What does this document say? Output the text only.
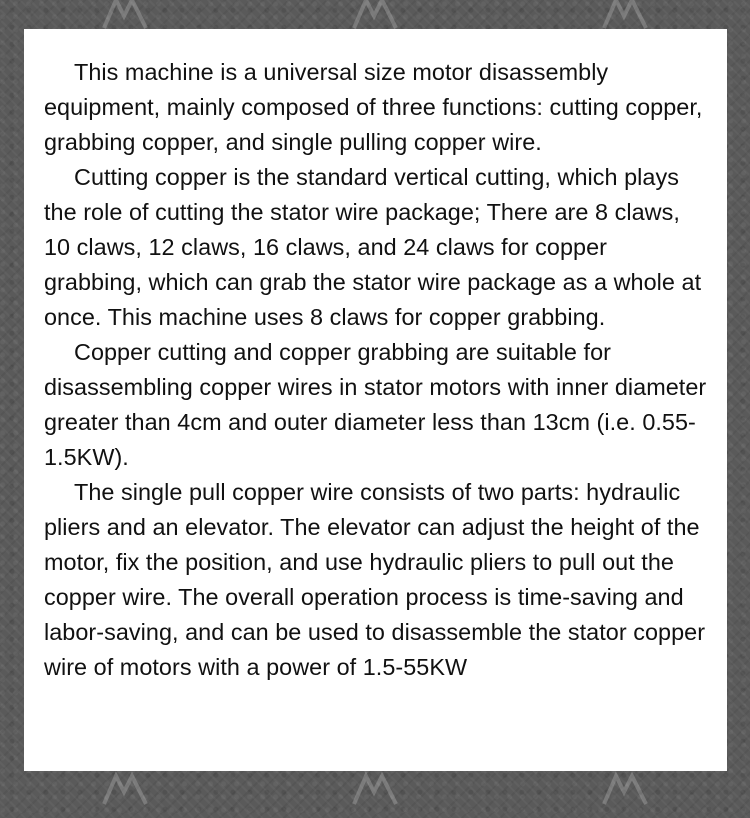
This machine is a universal size motor disassembly equipment, mainly composed of three functions: cutting copper, grabbing copper, and single pulling copper wire.

Cutting copper is the standard vertical cutting, which plays the role of cutting the stator wire package; There are 8 claws, 10 claws, 12 claws, 16 claws, and 24 claws for copper grabbing, which can grab the stator wire package as a whole at once. This machine uses 8 claws for copper grabbing.

Copper cutting and copper grabbing are suitable for disassembling copper wires in stator motors with inner diameter greater than 4cm and outer diameter less than 13cm (i.e. 0.55-1.5KW).

The single pull copper wire consists of two parts: hydraulic pliers and an elevator. The elevator can adjust the height of the motor, fix the position, and use hydraulic pliers to pull out the copper wire. The overall operation process is time-saving and labor-saving, and can be used to disassemble the stator copper wire of motors with a power of 1.5-55KW
